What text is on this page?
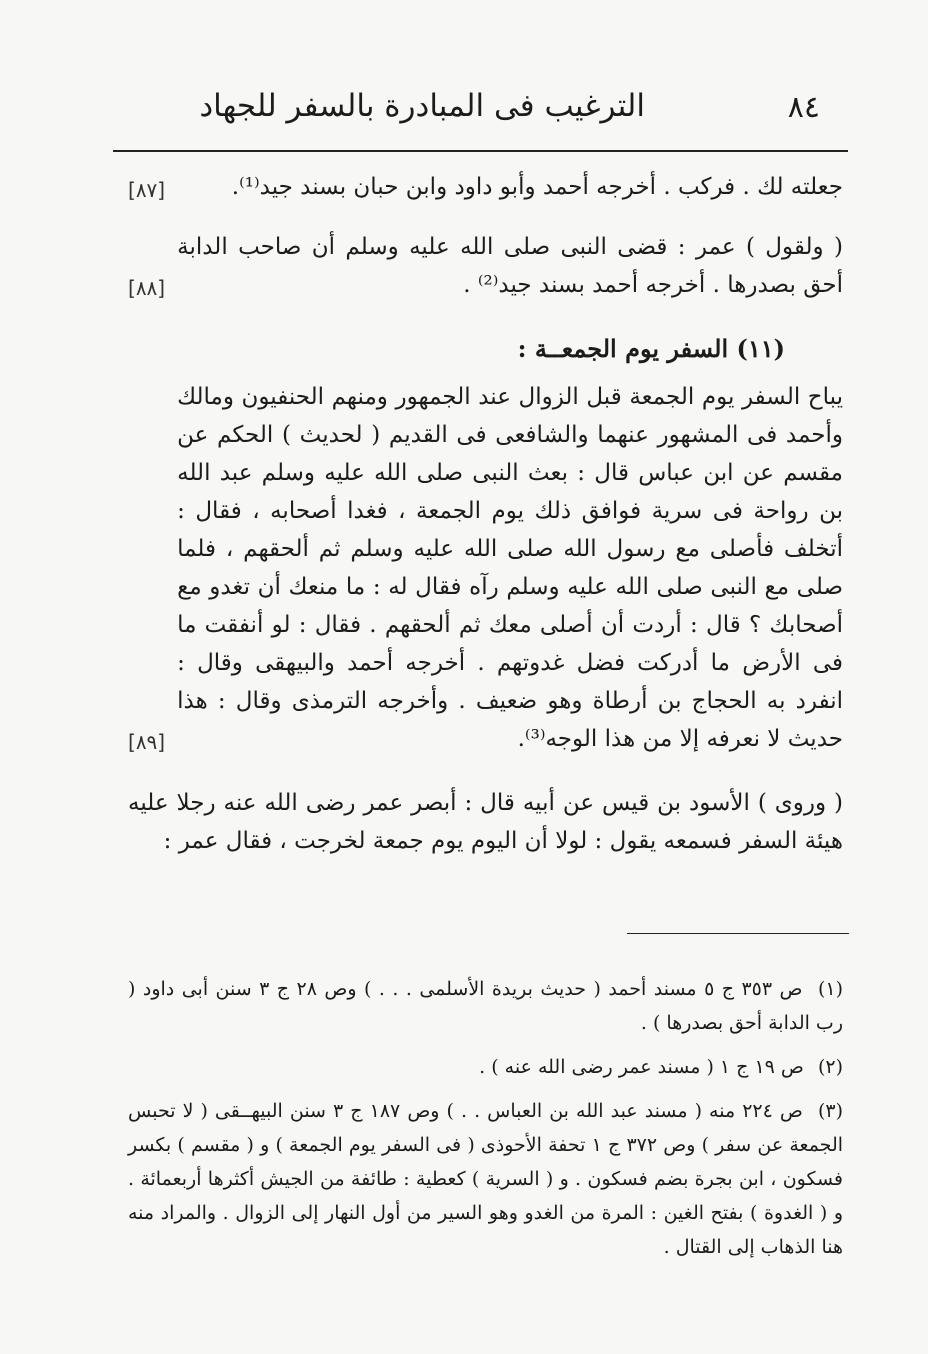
٨٤
الترغيب فى المبادرة بالسفر للجهاد

جعلته لك . فركب . أخرجه أحمد وأبو داود وابن حبان بسند جيد⁽¹⁾.

[٨٧]

( ولقول ) عمر : قضى النبى صلى الله عليه وسلم أن صاحب الدابة أحق بصدرها . أخرجه أحمد بسند جيد⁽²⁾ .

[٨٨]

(١١) السفر يوم الجمعــة :

يباح السفر يوم الجمعة قبل الزوال عند الجمهور ومنهم الحنفيون ومالك وأحمد فى المشهور عنهما والشافعى فى القديم ( لحديث ) الحكم عن مقسم عن ابن عباس قال : بعث النبى صلى الله عليه وسلم عبد الله بن رواحة فى سرية فوافق ذلك يوم الجمعة ، فغدا أصحابه ، فقال : أتخلف فأصلى مع رسول الله صلى الله عليه وسلم ثم ألحقهم ، فلما صلى مع النبى صلى الله عليه وسلم رآه فقال له : ما منعك أن تغدو مع أصحابك ؟ قال : أردت أن أصلى معك ثم ألحقهم . فقال : لو أنفقت ما فى الأرض ما أدركت فضل غدوتهم . أخرجه أحمد والبيهقى وقال : انفرد به الحجاج بن أرطاة وهو ضعيف . وأخرجه الترمذى وقال : هذا حديث لا نعرفه إلا من هذا الوجه⁽³⁾.

[٨٩]

( وروى ) الأسود بن قيس عن أبيه قال : أبصر عمر رضى الله عنه رجلا عليه هيئة السفر فسمعه يقول : لولا أن اليوم يوم جمعة لخرجت ، فقال عمر :

(١) ص ٣٥٣ ج ٥ مسند أحمد ( حديث بريدة الأسلمى . . . ) وص ٢٨ ج ٣ سنن أبى داود ( رب الدابة أحق بصدرها ) .

(٢) ص ١٩ ج ١ ( مسند عمر رضى الله عنه ) .

(٣) ص ٢٢٤ منه ( مسند عبد الله بن العباس . . ) وص ١٨٧ ج ٣ سنن البيهــقى ( لا تحبس الجمعة عن سفر ) وص ٣٧٢ ج ١ تحفة الأحوذى ( فى السفر يوم الجمعة ) و ( مقسم ) بكسر فسكون ، ابن بجرة بضم فسكون . و ( السرية ) كعطية : طائفة من الجيش أكثرها أربعمائة . و ( الغدوة ) بفتح الغين : المرة من الغدو وهو السير من أول النهار إلى الزوال . والمراد منه هنا الذهاب إلى القتال .
